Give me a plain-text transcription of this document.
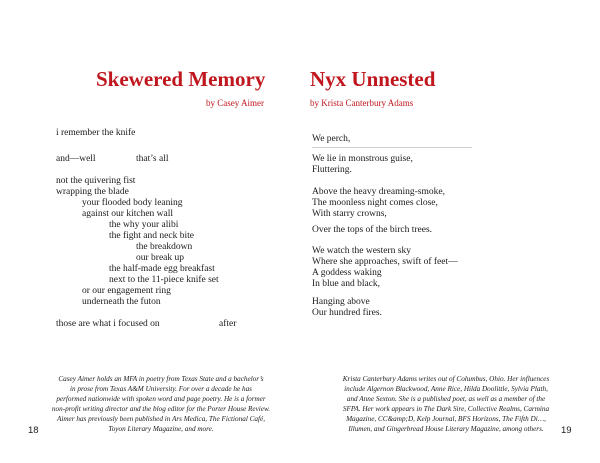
Skewered Memory
by Casey Aimer
i remember the knife
and—well	that’s all
not the quivering fist
wrapping the blade
your flooded body leaning
against our kitchen wall
the why your alibi
the fight and neck bite
the breakdown
our break up
the half-made egg breakfast
next to the 11-piece knife set
or our engagement ring
underneath the futon
those are what i focused on	after
Casey Aimer holds an MFA in poetry from Texas State and a bachelor’s
in prose from Texas A&M University. For over a decade he has
performed nationwide with spoken word and page poetry. He is a former
non-profit writing director and the blog editor for the Porter House Review.
Aimer has previously been published in Ars Medica, The Fictional Café,
Toyon Literary Magazine, and more.
18
Nyx Unnested
by Krista Canterbury Adams
We perch,
We lie in monstrous guise,
Fluttering.
Above the heavy dreaming-smoke,
The moonless night comes close,
With starry crowns,
Over the tops of the birch trees.
We watch the western sky
Where she approaches, swift of feet—
A goddess waking
In blue and black,
Hanging above
Our hundred fires.
Krista Canterbury Adams writes out of Columbus, Ohio. Her influences
include Algernon Blackwood, Anne Rice, Hilda Doolittle, Sylvia Plath,
and Anne Sexton. She is a published poet, as well as a member of the
SFPA. Her work appears in The Dark Sire, Collective Realms, Carmina
Magazine, CC&amp;D, Kelp Journal, BFS Horizons, The Fifth Di…,
Illumen, and Gingerbread House Literary Magazine, among others.	19
